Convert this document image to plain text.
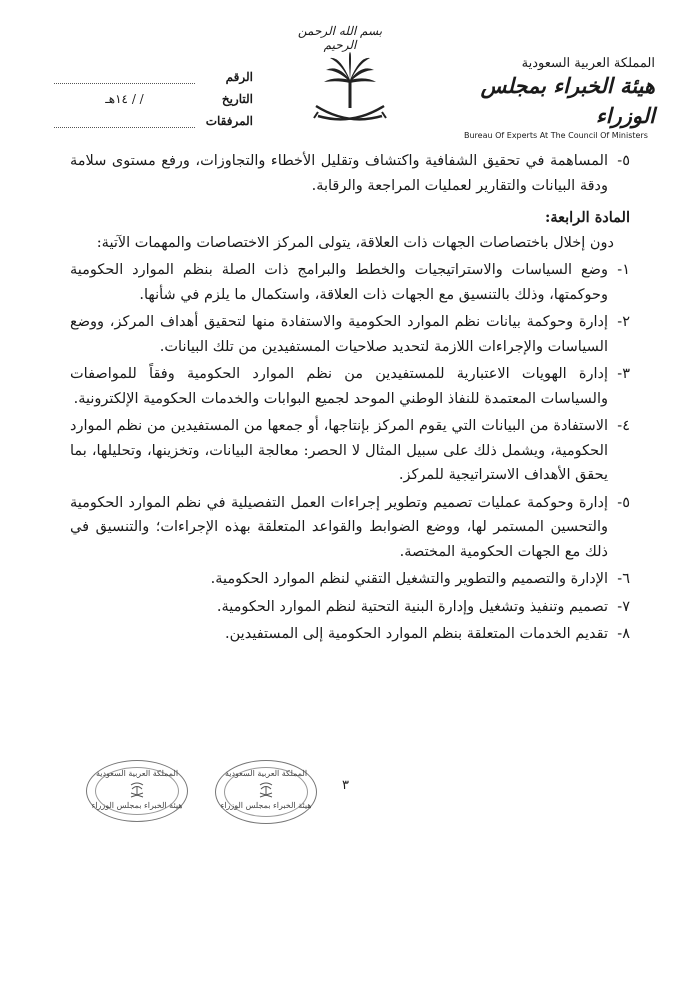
بسم الله الرحمن الرحيم
الرقم
التاريخ
/ / ١٤هـ
المرفقات
المملكة العربية السعودية
هيئة الخبراء بمجلس الوزراء
Bureau Of Experts At The Council Of Ministers
٥-
المساهمة في تحقيق الشفافية واكتشاف وتقليل الأخطاء والتجاوزات، ورفع مستوى سلامة ودقة البيانات والتقارير لعمليات المراجعة والرقابة.

المادة الرابعة:

دون إخلال باختصاصات الجهات ذات العلاقة، يتولى المركز الاختصاصات والمهمات الآتية:

١-
وضع السياسات والاستراتيجيات والخطط والبرامج ذات الصلة بنظم الموارد الحكومية وحوكمتها، وذلك بالتنسيق مع الجهات ذات العلاقة، واستكمال ما يلزم في شأنها.
٢-
إدارة وحوكمة بيانات نظم الموارد الحكومية والاستفادة منها لتحقيق أهداف المركز، ووضع السياسات والإجراءات اللازمة لتحديد صلاحيات المستفيدين من تلك البيانات.
٣-
إدارة الهويات الاعتبارية للمستفيدين من نظم الموارد الحكومية وفقاً للمواصفات والسياسات المعتمدة للنفاذ الوطني الموحد لجميع البوابات والخدمات الحكومية الإلكترونية.
٤-
الاستفادة من البيانات التي يقوم المركز بإنتاجها، أو جمعها من المستفيدين من نظم الموارد الحكومية، ويشمل ذلك على سبيل المثال لا الحصر: معالجة البيانات، وتخزينها، وتحليلها، بما يحقق الأهداف الاستراتيجية للمركز.
٥-
إدارة وحوكمة عمليات تصميم وتطوير إجراءات العمل التفصيلية في نظم الموارد الحكومية والتحسين المستمر لها، ووضع الضوابط والقواعد المتعلقة بهذه الإجراءات؛ والتنسيق في ذلك مع الجهات الحكومية المختصة.
٦-
الإدارة والتصميم والتطوير والتشغيل التقني لنظم الموارد الحكومية.
٧-
تصميم وتنفيذ وتشغيل وإدارة البنية التحتية لنظم الموارد الحكومية.
٨-
تقديم الخدمات المتعلقة بنظم الموارد الحكومية إلى المستفيدين.
٣
المملكة العربية السعودية
هيئة الخبراء بمجلس الوزراء
المملكة العربية السعودية
هيئة الخبراء بمجلس الوزراء
